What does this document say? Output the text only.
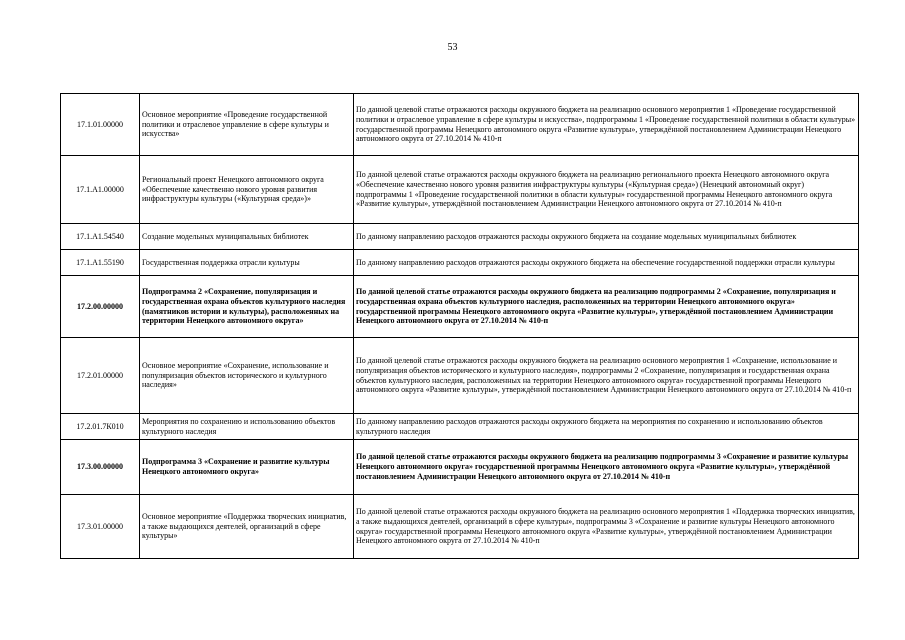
53
17.1.01.00000	Основное мероприятие «Проведение государственной политики и отраслевое управление в сфере культуры и искусства»	По данной целевой статье отражаются расходы окружного бюджета на реализацию основного мероприятия 1 «Проведение государственной политики и отраслевое управление в сфере культуры и искусства», подпрограммы 1 «Проведение государственной политики в области культуры» государственной программы Ненецкого автономного округа «Развитие культуры», утверждённой постановлением Администрации Ненецкого автономного округа от 27.10.2014 № 410-п
17.1.A1.00000	Региональный проект Ненецкого автономного округа «Обеспечение качественно нового уровня развития инфраструктуры культуры («Культурная среда»)»	По данной целевой статье отражаются расходы окружного бюджета на реализацию регионального проекта Ненецкого автономного округа «Обеспечение качественно нового уровня развития инфраструктуры культуры («Культурная среда») (Ненецкий автономный округ) подпрограммы 1 «Проведение государственной политики в области культуры» государственной программы Ненецкого автономного округа «Развитие культуры», утверждённой постановлением Администрации Ненецкого автономного округа от 27.10.2014 № 410-п
17.1.A1.54540	Создание модельных муниципальных библиотек	По данному направлению расходов отражаются расходы окружного бюджета на создание модельных муниципальных библиотек
17.1.A1.55190	Государственная поддержка отрасли культуры	По данному направлению расходов отражаются расходы окружного бюджета на обеспечение государственной поддержки отрасли культуры
17.2.00.00000	Подпрограмма 2 «Сохранение, популяризация и государственная охрана объектов культурного наследия (памятников истории и культуры), расположенных на территории Ненецкого автономного округа»	По данной целевой статье отражаются расходы окружного бюджета на реализацию подпрограммы 2 «Сохранение, популяризация и государственная охрана объектов культурного наследия, расположенных на территории Ненецкого автономного округа» государственной программы Ненецкого автономного округа «Развитие культуры», утверждённой постановлением Администрации Ненецкого автономного округа от 27.10.2014 № 410-п
17.2.01.00000	Основное мероприятие «Сохранение, использование и популяризация объектов исторического и культурного наследия»	По данной целевой статье отражаются расходы окружного бюджета на реализацию основного мероприятия 1 «Сохранение, использование и популяризация объектов исторического и культурного наследия», подпрограммы 2 «Сохранение, популяризация и государственная охрана объектов культурного наследия, расположенных на территории Ненецкого автономного округа» государственной программы Ненецкого автономного округа «Развитие культуры», утверждённой постановлением Администрации Ненецкого автономного округа от 27.10.2014 № 410-п
17.2.01.7К010	Мероприятия по сохранению и использованию объектов культурного наследия	По данному направлению расходов отражаются расходы окружного бюджета на мероприятия по сохранению и использованию объектов культурного наследия
17.3.00.00000	Подпрограмма 3 «Сохранение и развитие культуры Ненецкого автономного округа»	По данной целевой статье отражаются расходы окружного бюджета на реализацию подпрограммы 3 «Сохранение и развитие культуры Ненецкого автономного округа» государственной программы Ненецкого автономного округа «Развитие культуры», утверждённой постановлением Администрации Ненецкого автономного округа от 27.10.2014 № 410-п
17.3.01.00000	Основное мероприятие «Поддержка творческих инициатив, а также выдающихся деятелей, организаций в сфере культуры»	По данной целевой статье отражаются расходы окружного бюджета на реализацию основного мероприятия 1 «Поддержка творческих инициатив, а также выдающихся деятелей, организаций в сфере культуры», подпрограммы 3 «Сохранение и развитие культуры Ненецкого автономного округа» государственной программы Ненецкого автономного округа «Развитие культуры», утверждённой постановлением Администрации Ненецкого автономного округа от 27.10.2014 № 410-п
